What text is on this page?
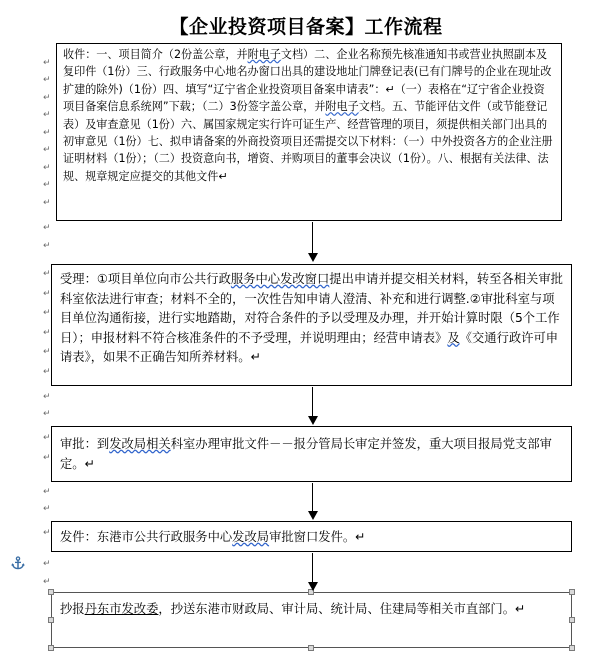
【企业投资项目备案】工作流程
收件：一、项目简介（2份盖公章，并附电子文档）二、企业名称预先核准通知书或营业执照副本及复印件（1份）三、行政服务中心地名办窗口出具的建设地址门牌登记表(已有门牌号的企业在现址改扩建的除外)（1份）四、填写“辽宁省企业投资项目备案申请表”：↵（一）表格在“辽宁省企业投资项目备案信息系统网”下载；（二）3份签字盖公章，并附电子文档。五、节能评估文件（或节能登记表）及审查意见（1份）六、属国家规定实行许可证生产、经营管理的项目，须提供相关部门出具的初审意见（1份）七、拟申请备案的外商投资项目还需提交以下材料：（一）中外投资各方的企业注册证明材料（1份）；（二）投资意向书，增资、并购项目的董事会决议（1份）。八、根据有关法律、法规、规章规定应提交的其他文件↵
受理：①项目单位向市公共行政服务中心发改窗口提出申请并提交相关材料，转至各相关审批科室依法进行审查；材料不全的，一次性告知申请人澄清、补充和进行调整.②审批科室与项目单位沟通衔接，进行实地踏勘，对符合条件的予以受理及办理，并开始计算时限（5个工作日）；申报材料不符合核准条件的不予受理，并说明理由；经营申请表》及《交通行政许可申请表》，如果不正确告知所养材料。↵
审批：到发改局相关科室办理审批文件－－报分管局长审定并签发，重大项目报局党支部审定。↵
发件：东港市公共行政服务中心发改局审批窗口发件。↵
抄报丹东市发改委，抄送东港市财政局、审计局、统计局、住建局等相关市直部门。↵
↵
↵
↵
↵
↵
↵
↵
↵
↵
↵
↵
↵
↵
↵
↵
↵
↵
↵
↵
↵
↵
↵
↵
↵
↵
↵
